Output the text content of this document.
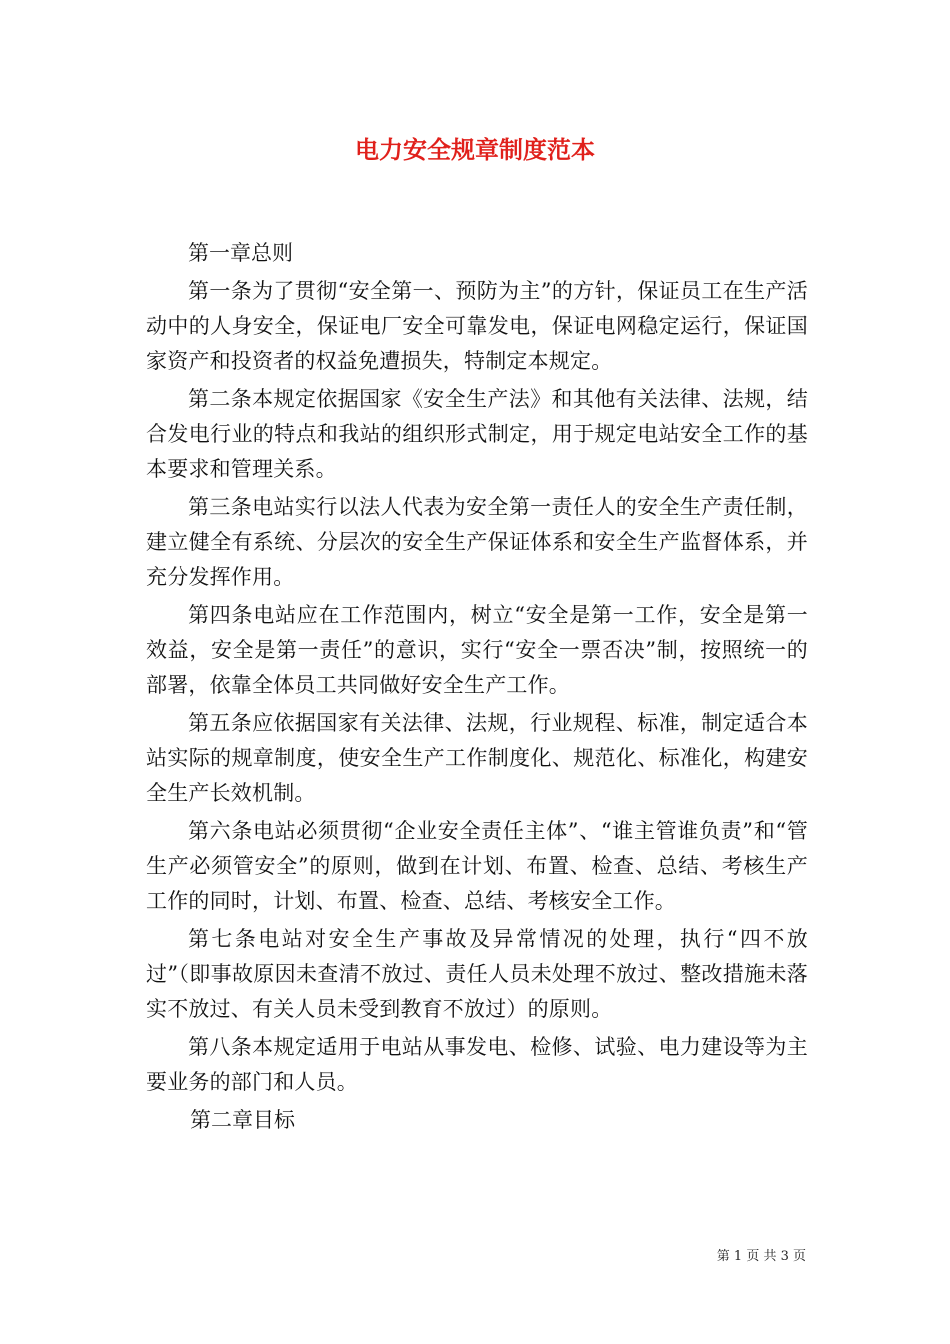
电力安全规章制度范本

第一章总则

第一条为了贯彻“安全第一、预防为主”的方针，保证员工在生产活动中的人身安全，保证电厂安全可靠发电，保证电网稳定运行，保证国家资产和投资者的权益免遭损失，特制定本规定。

第二条本规定依据国家《安全生产法》和其他有关法律、法规，结合发电行业的特点和我站的组织形式制定，用于规定电站安全工作的基本要求和管理关系。

第三条电站实行以法人代表为安全第一责任人的安全生产责任制，建立健全有系统、分层次的安全生产保证体系和安全生产监督体系，并充分发挥作用。

第四条电站应在工作范围内，树立“安全是第一工作，安全是第一效益，安全是第一责任”的意识，实行“安全一票否决”制，按照统一的部署，依靠全体员工共同做好安全生产工作。

第五条应依据国家有关法律、法规，行业规程、标准，制定适合本站实际的规章制度，使安全生产工作制度化、规范化、标准化，构建安全生产长效机制。

第六条电站必须贯彻“企业安全责任主体”、“谁主管谁负责”和“管生产必须管安全”的原则，做到在计划、布置、检查、总结、考核生产工作的同时，计划、布置、检查、总结、考核安全工作。

第七条电站对安全生产事故及异常情况的处理，执行“四不放过”（即事故原因未查清不放过、责任人员未处理不放过、整改措施未落实不放过、有关人员未受到教育不放过）的原则。

第八条本规定适用于电站从事发电、检修、试验、电力建设等为主要业务的部门和人员。

第二章目标

第 1 页 共 3 页
